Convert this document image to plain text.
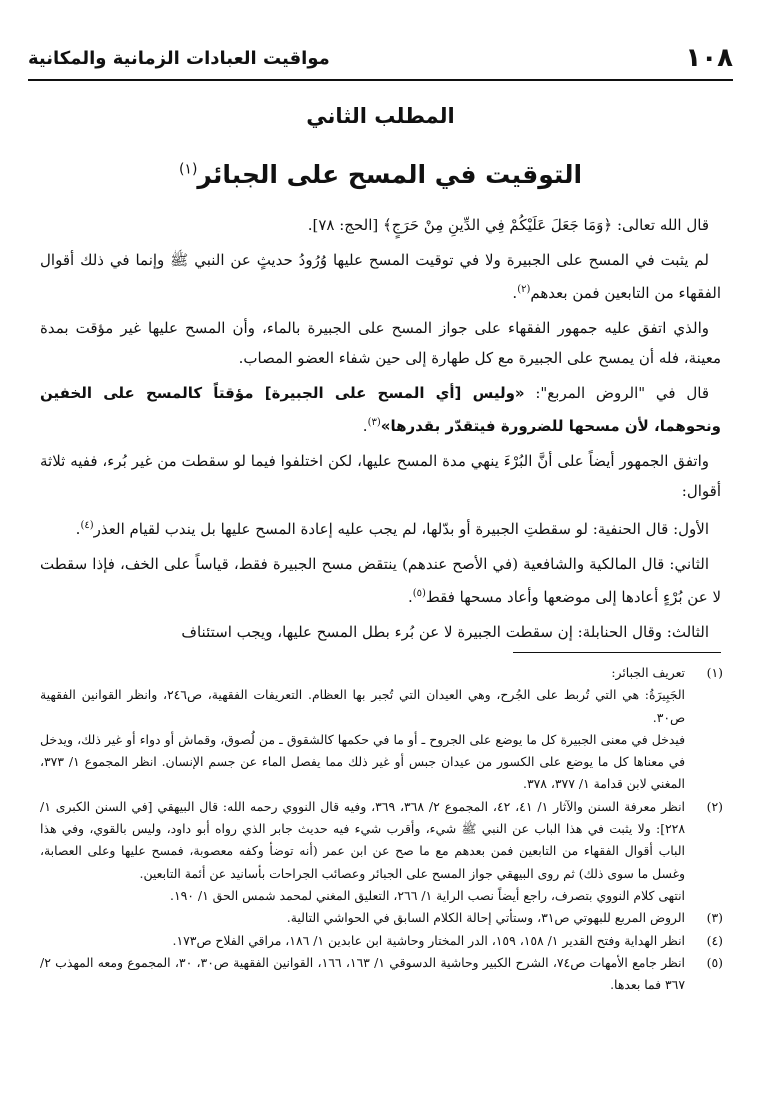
١٠٨
مواقيت العبادات الزمانية والمكانية
المطلب الثاني
التوقيت في المسح على الجبائر$^{(١)}$

قال الله تعالى: ﴿وَمَا جَعَلَ عَلَيْكُمْ فِي الدِّينِ مِنْ حَرَجٍ﴾ [الحج: ٧٨].

لم يثبت في المسح على الجبيرة ولا في توقيت المسح عليها وُرُودُ حديثٍ عن النبي ﷺ وإنما في ذلك أقوال الفقهاء من التابعين فمن بعدهم$^{(٢)}$.

والذي اتفق عليه جمهور الفقهاء على جواز المسح على الجبيرة بالماء، وأن المسح عليها غير مؤقت بمدة معينة، فله أن يمسح على الجبيرة مع كل طهارة إلى حين شفاء العضو المصاب.

قال في "الروض المربع": «وليس [أي المسح على الجبيرة] مؤقتاً كالمسح على الخفين ونحوهما، لأن مسحها للضرورة فيتقدّر بقدرها»$^{(٣)}$.

واتفق الجمهور أيضاً على أنَّ البُرْءَ ينهي مدة المسح عليها، لكن اختلفوا فيما لو سقطت من غير بُرء، ففيه ثلاثة أقوال:

الأول: قال الحنفية: لو سقطتِ الجبيرة أو بدّلها، لم يجب عليه إعادة المسح عليها بل يندب لقيام العذر$^{(٤)}$.

الثاني: قال المالكية والشافعية (في الأصح عندهم) ينتقض مسح الجبيرة فقط، قياساً على الخف، فإذا سقطت لا عن بُرْءٍ أعادها إلى موضعها وأعاد مسحها فقط$^{(٥)}$.

الثالث: وقال الحنابلة: إن سقطت الجبيرة لا عن بُرء بطل المسح عليها، ويجب استئناف

(١)

تعريف الجبائر:

الجَبِيرَةُ: هي التي تُربط على الجُرح، وهي العيدان التي تُجبر بها العظام. التعريفات الفقهية، ص٢٤٦، وانظر القوانين الفقهية ص٣٠.

فيدخل في معنى الجبيرة كل ما يوضع على الجروح ـ أو ما في حكمها كالشقوق ـ من لُصوق، وقماش أو دواء أو غير ذلك، ويدخل في معناها كل ما يوضع على الكسور من عيدان جبس أو غير ذلك مما يفصل الماء عن جسم الإنسان. انظر المجموع ١/ ٣٧٣، المغني لابن قدامة ١/ ٣٧٧، ٣٧٨.

(٢)

انظر معرفة السنن والآثار ١/ ٤١، ٤٢، المجموع ٢/ ٣٦٨، ٣٦٩، وفيه قال النووي رحمه الله: قال البيهقي [في السنن الكبرى ١/ ٢٢٨]: ولا يثبت في هذا الباب عن النبي ﷺ شيء، وأقرب شيء فيه حديث جابر الذي رواه أبو داود، وليس بالقوي، وفي هذا الباب أقوال الفقهاء من التابعين فمن بعدهم مع ما صح عن ابن عمر (أنه توضأ وكفه معصوبة، فمسح عليها وعلى العصابة، وغسل ما سوى ذلك) ثم روى البيهقي جواز المسح على الجبائر وعصائب الجراحات بأسانيد عن أئمة التابعين.

انتهى كلام النووي بتصرف، راجع أيضاً نصب الراية ١/ ٢٦٦، التعليق المغني لمحمد شمس الحق ١/ ١٩٠.

(٣)

الروض المربع للبهوتي ص٣١، وستأتي إحالة الكلام السابق في الحواشي التالية.

(٤)

انظر الهداية وفتح القدير ١/ ١٥٨، ١٥٩، الدر المختار وحاشية ابن عابدين ١/ ١٨٦، مراقي الفلاح ص١٧٣.

(٥)

انظر جامع الأمهات ص٧٤، الشرح الكبير وحاشية الدسوقي ١/ ١٦٣، ١٦٦، القوانين الفقهية ص٣٠، ٣٠، المجموع ومعه المهذب ٢/ ٣٦٧ فما بعدها.
